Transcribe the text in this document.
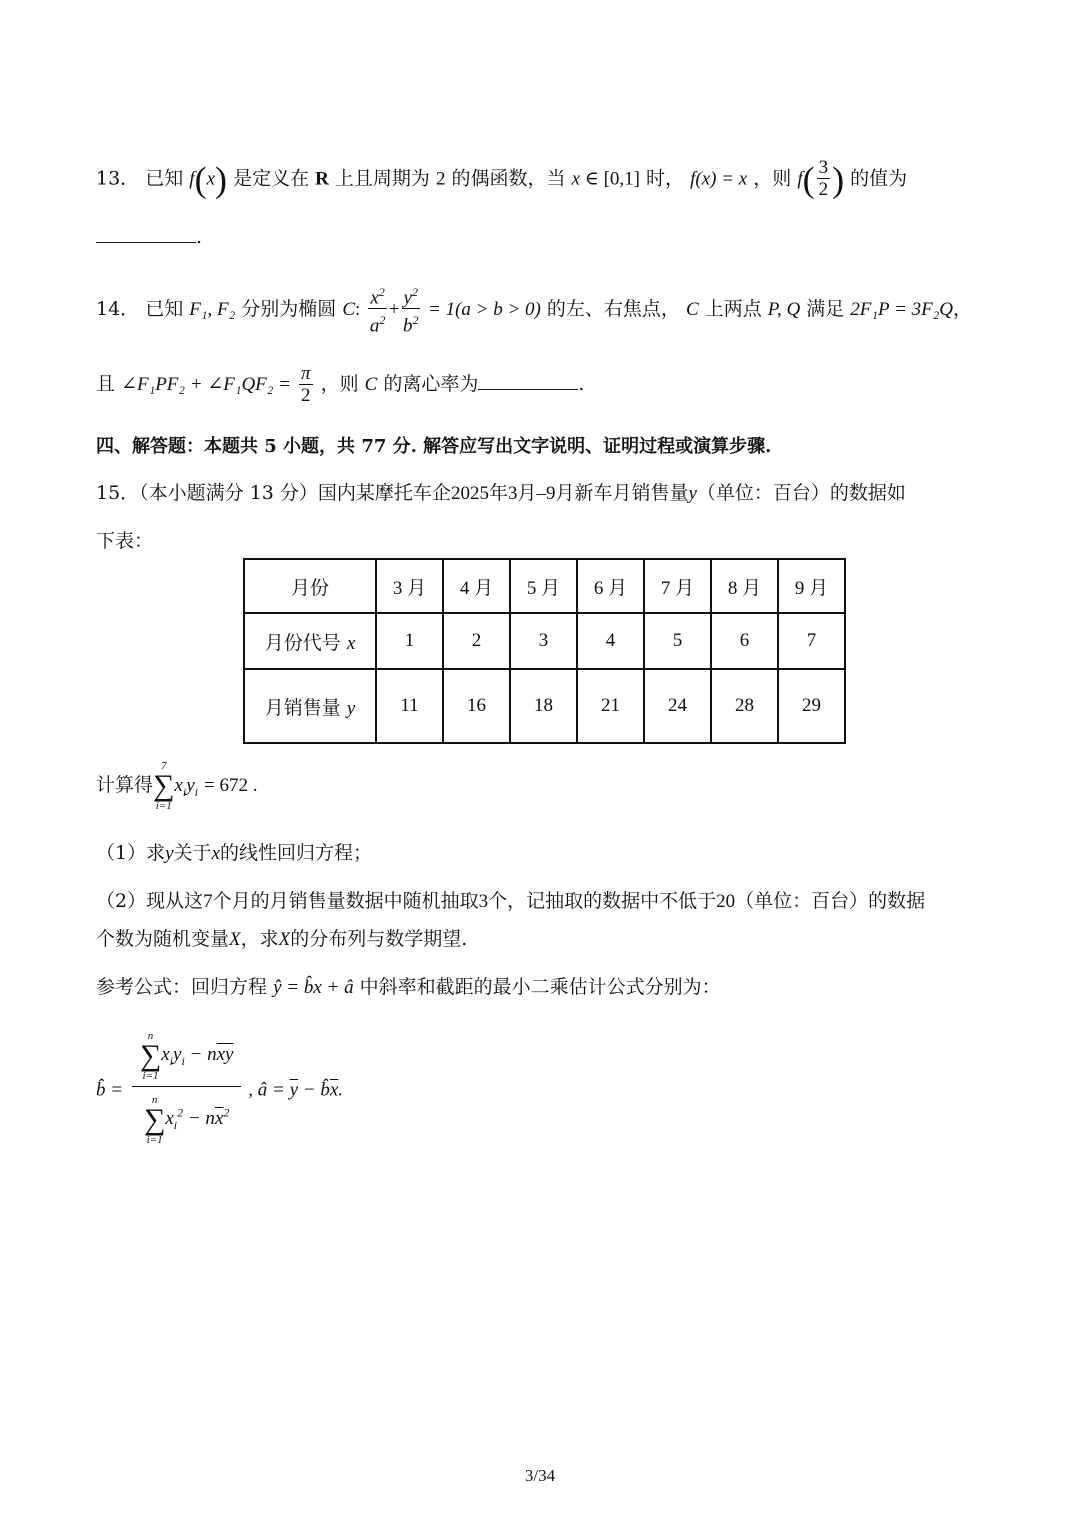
13． 已知 f(x) 是定义在 R 上且周期为 2 的偶函数，当 x ∈ [0,1] 时， f(x) = x ，则 $f( \frac{3}{2}$ ) 的值为
.
14． 已知 F₁, F₂ 分别为椭圆 C: $\frac{x^2}{a^2} + \frac{y^2}{b^2} = 1(a > b > 0)$ 的左、右焦点， C 上两点 P, Q 满足 2F₁P = 3F₂Q，
且 ∠F₁PF₂ + ∠F₁QF₂ = $\frac{\pi}{2}$ ，则 C 的离心率为	.
四、解答题：本题共 5 小题，共 77 分. 解答应写出文字说明、证明过程或演算步骤.
15．（本小题满分 13 分）国内某摩托车企2025年3月–9月新车月销售量y（单位：百台）的数据如
下表：
月份	3 月	4 月	5 月	6 月	7 月	8 月	9 月
月份代号 x	1	2	3	4	5	6	7
月销售量 y	11	16	18	21	24	28	29
计算得
7
∑
i=1
$x_iy_i = 672$ .
（1）求y关于x的线性回归方程；
（2）现从这7个月的月销售量数据中随机抽取3个，记抽取的数据中不低于20（单位：百台）的数据
个数为随机变量X，求X的分布列与数学期望.
参考公式：回归方程 ŷ = b̂x + â 中斜率和截距的最小二乘估计公式分别为：
b̂ = n
∑
i=1
$x_iy_i - n\overline{x}\overline{y}$
n
∑
i=1
$x_i^2 - n\overline{x}^2$ , â = $\overline{y}$ − $b̂\overline{x}$.
3/34
